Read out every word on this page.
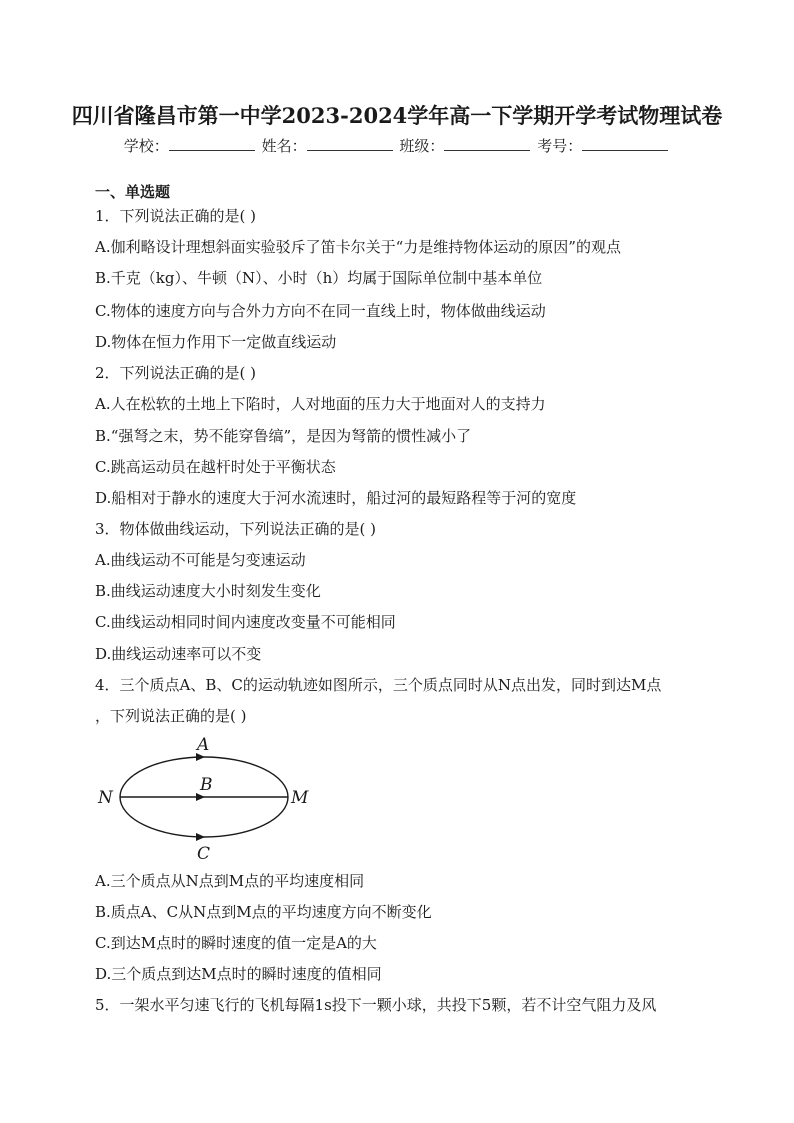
四川省隆昌市第一中学2023-2024学年高一下学期开学考试物理试卷
学校：	姓名：	班级：	考号：
一、单选题
1．下列说法正确的是( )
A.伽利略设计理想斜面实验驳斥了笛卡尔关于“力是维持物体运动的原因”的观点
B.千克（kg）、牛顿（N）、小时（h）均属于国际单位制中基本单位
C.物体的速度方向与合外力方向不在同一直线上时，物体做曲线运动
D.物体在恒力作用下一定做直线运动
2．下列说法正确的是( )
A.人在松软的土地上下陷时，人对地面的压力大于地面对人的支持力
B.“强弩之末，势不能穿鲁缟”，是因为弩箭的惯性减小了
C.跳高运动员在越杆时处于平衡状态
D.船相对于静水的速度大于河水流速时，船过河的最短路程等于河的宽度
3．物体做曲线运动，下列说法正确的是( )
A.曲线运动不可能是匀变速运动
B.曲线运动速度大小时刻发生变化
C.曲线运动相同时间内速度改变量不可能相同
D.曲线运动速率可以不变
4．三个质点A、B、C的运动轨迹如图所示，三个质点同时从N点出发，同时到达M点
，下列说法正确的是( )
A
B
C
N	M
A.三个质点从N点到M点的平均速度相同
B.质点A、C从N点到M点的平均速度方向不断变化
C.到达M点时的瞬时速度的值一定是A的大
D.三个质点到达M点时的瞬时速度的值相同
5．一架水平匀速飞行的飞机每隔1s投下一颗小球，共投下5颗，若不计空气阻力及风
